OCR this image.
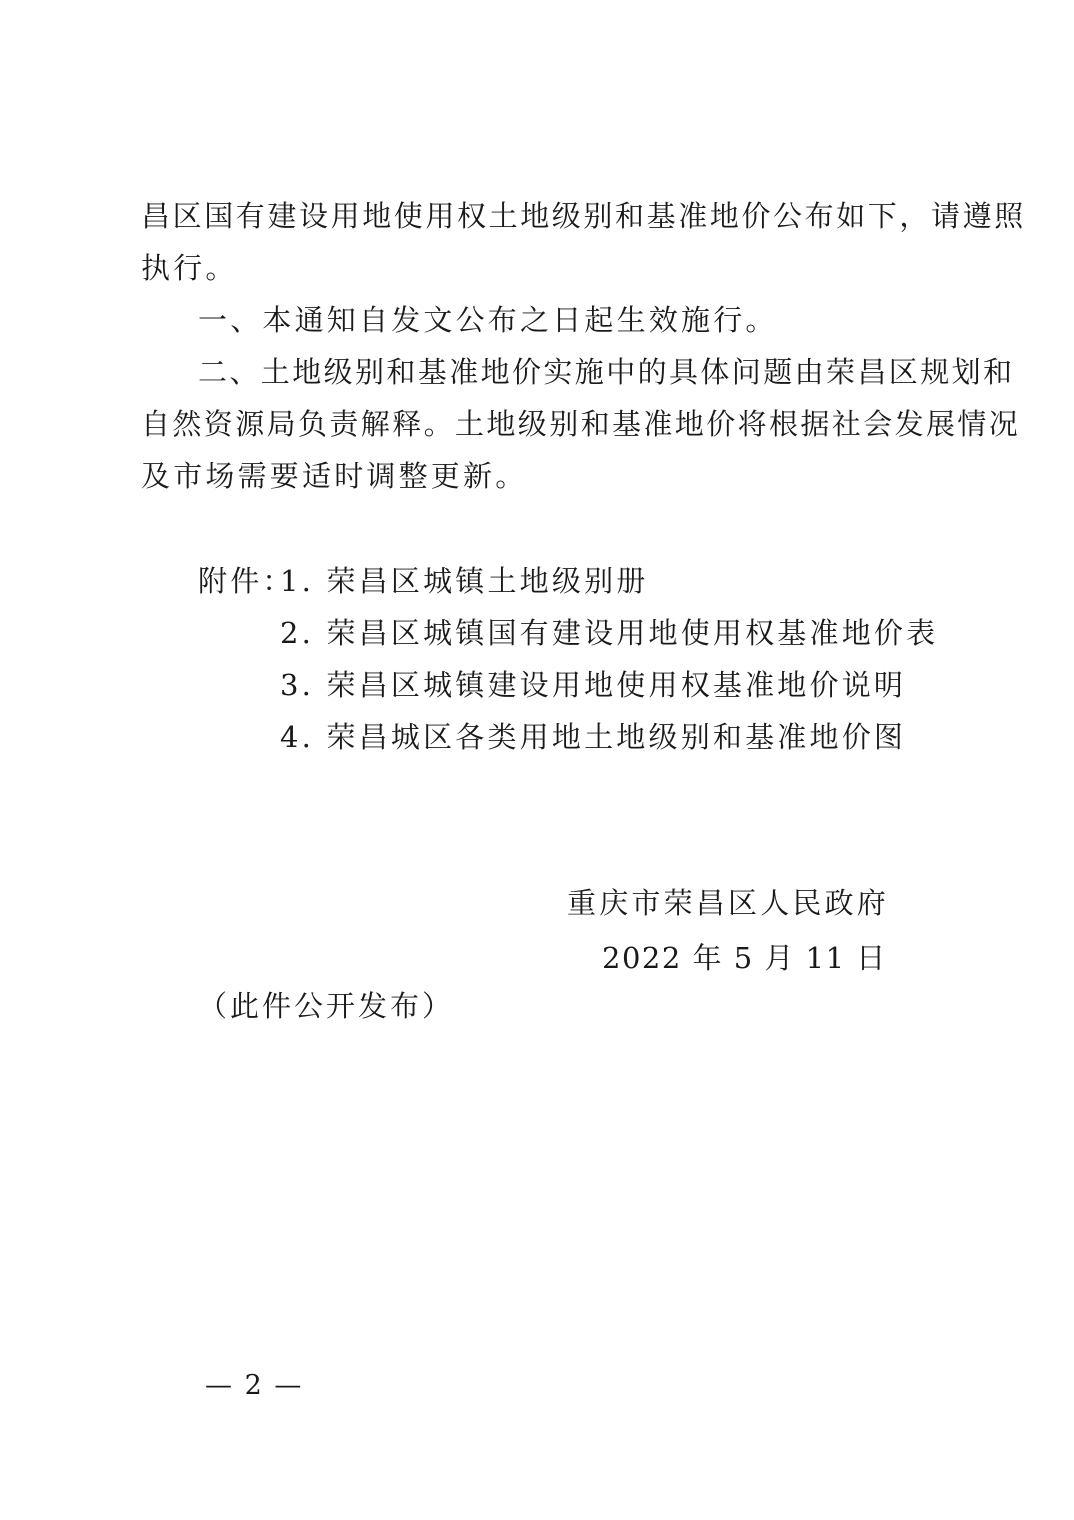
昌区国有建设用地使用权土地级别和基准地价公布如下，请遵照
执行。
一、本通知自发文公布之日起生效施行。
二、土地级别和基准地价实施中的具体问题由荣昌区规划和
自然资源局负责解释。土地级别和基准地价将根据社会发展情况
及市场需要适时调整更新。
附件：
1. 荣昌区城镇土地级别册
2. 荣昌区城镇国有建设用地使用权基准地价表
3. 荣昌区城镇建设用地使用权基准地价说明
4. 荣昌城区各类用地土地级别和基准地价图
重庆市荣昌区人民政府
2022 年 5 月 11 日
（此件公开发布）
— 2 —
